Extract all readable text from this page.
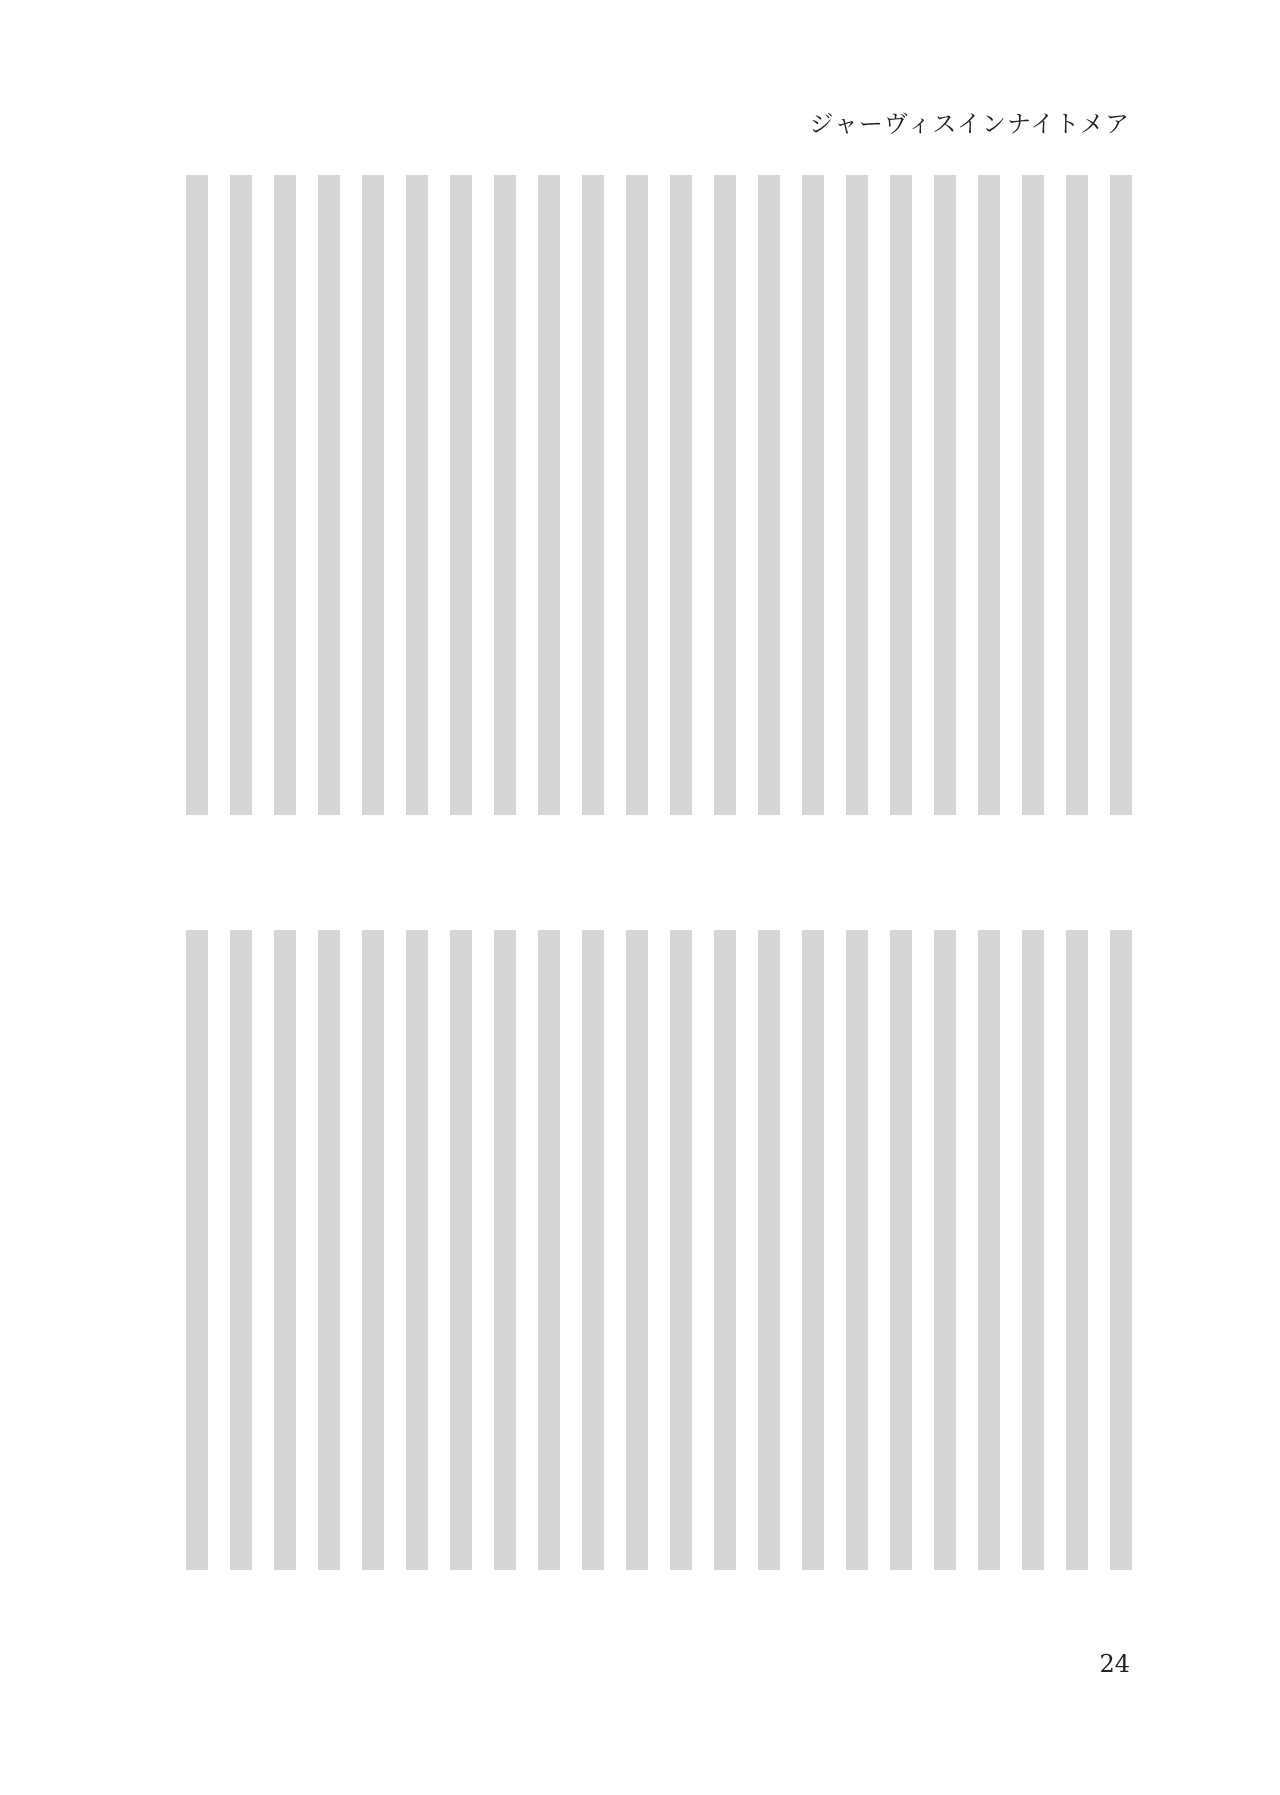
ジャーヴィスインナイトメア
24
